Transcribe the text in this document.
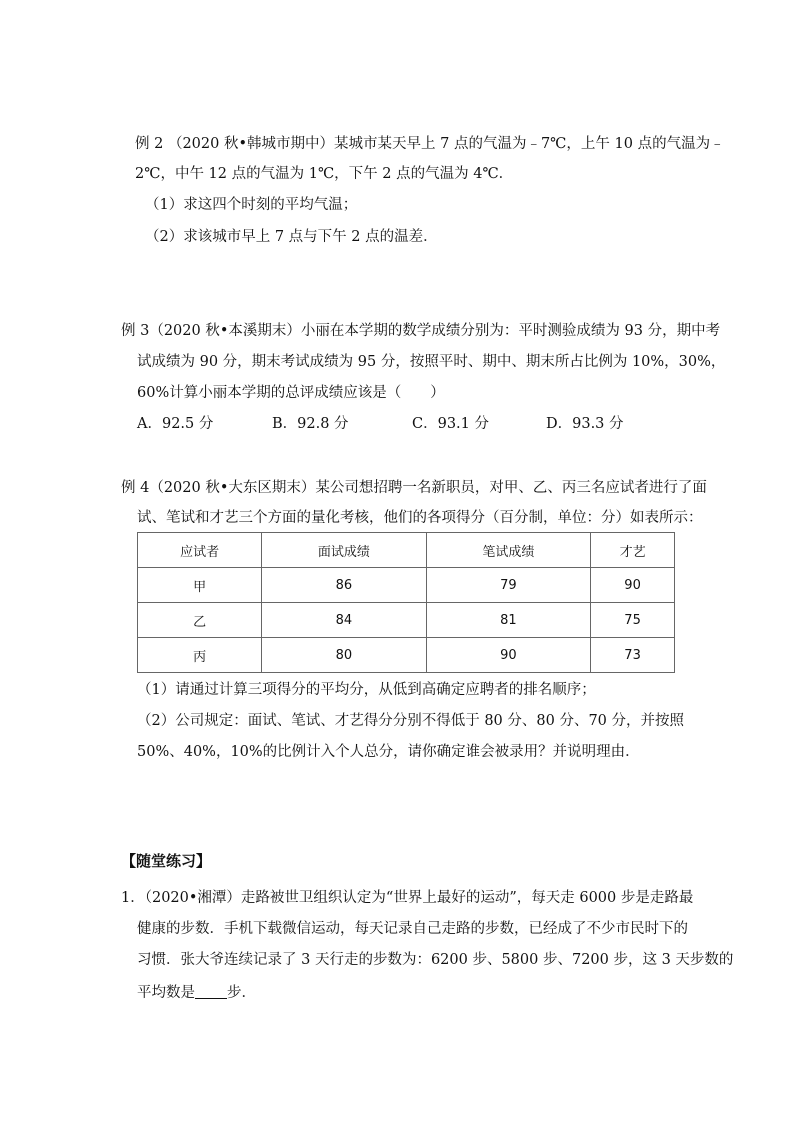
例 2 （2020 秋•韩城市期中）某城市某天早上 7 点的气温为﹣7℃，上午 10 点的气温为﹣
2℃，中午 12 点的气温为 1℃，下午 2 点的气温为 4℃．
（1）求这四个时刻的平均气温；
（2）求该城市早上 7 点与下午 2 点的温差．
例 3（2020 秋•本溪期末）小丽在本学期的数学成绩分别为：平时测验成绩为 93 分，期中考
试成绩为 90 分，期末考试成绩为 95 分，按照平时、期中、期末所占比例为 10%，30%，
60%计算小丽本学期的总评成绩应该是（　　）
A．92.5 分	B．92.8 分	C．93.1 分	D．93.3 分
例 4（2020 秋•大东区期末）某公司想招聘一名新职员，对甲、乙、丙三名应试者进行了面
试、笔试和才艺三个方面的量化考核，他们的各项得分（百分制，单位：分）如表所示：
应试者	面试成绩	笔试成绩	才艺
甲	86	79	90
乙	84	81	75
丙	80	90	73
（1）请通过计算三项得分的平均分，从低到高确定应聘者的排名顺序；
（2）公司规定：面试、笔试、才艺得分分别不得低于 80 分、80 分、70 分，并按照
50%、40%，10%的比例计入个人总分，请你确定谁会被录用？并说明理由．
【随堂练习】
1．（2020•湘潭）走路被世卫组织认定为“世界上最好的运动”，每天走 6000 步是走路最
健康的步数．手机下载微信运动，每天记录自己走路的步数，已经成了不少市民时下的
习惯．张大爷连续记录了 3 天行走的步数为：6200 步、5800 步、7200 步，这 3 天步数的
平均数是 步．
